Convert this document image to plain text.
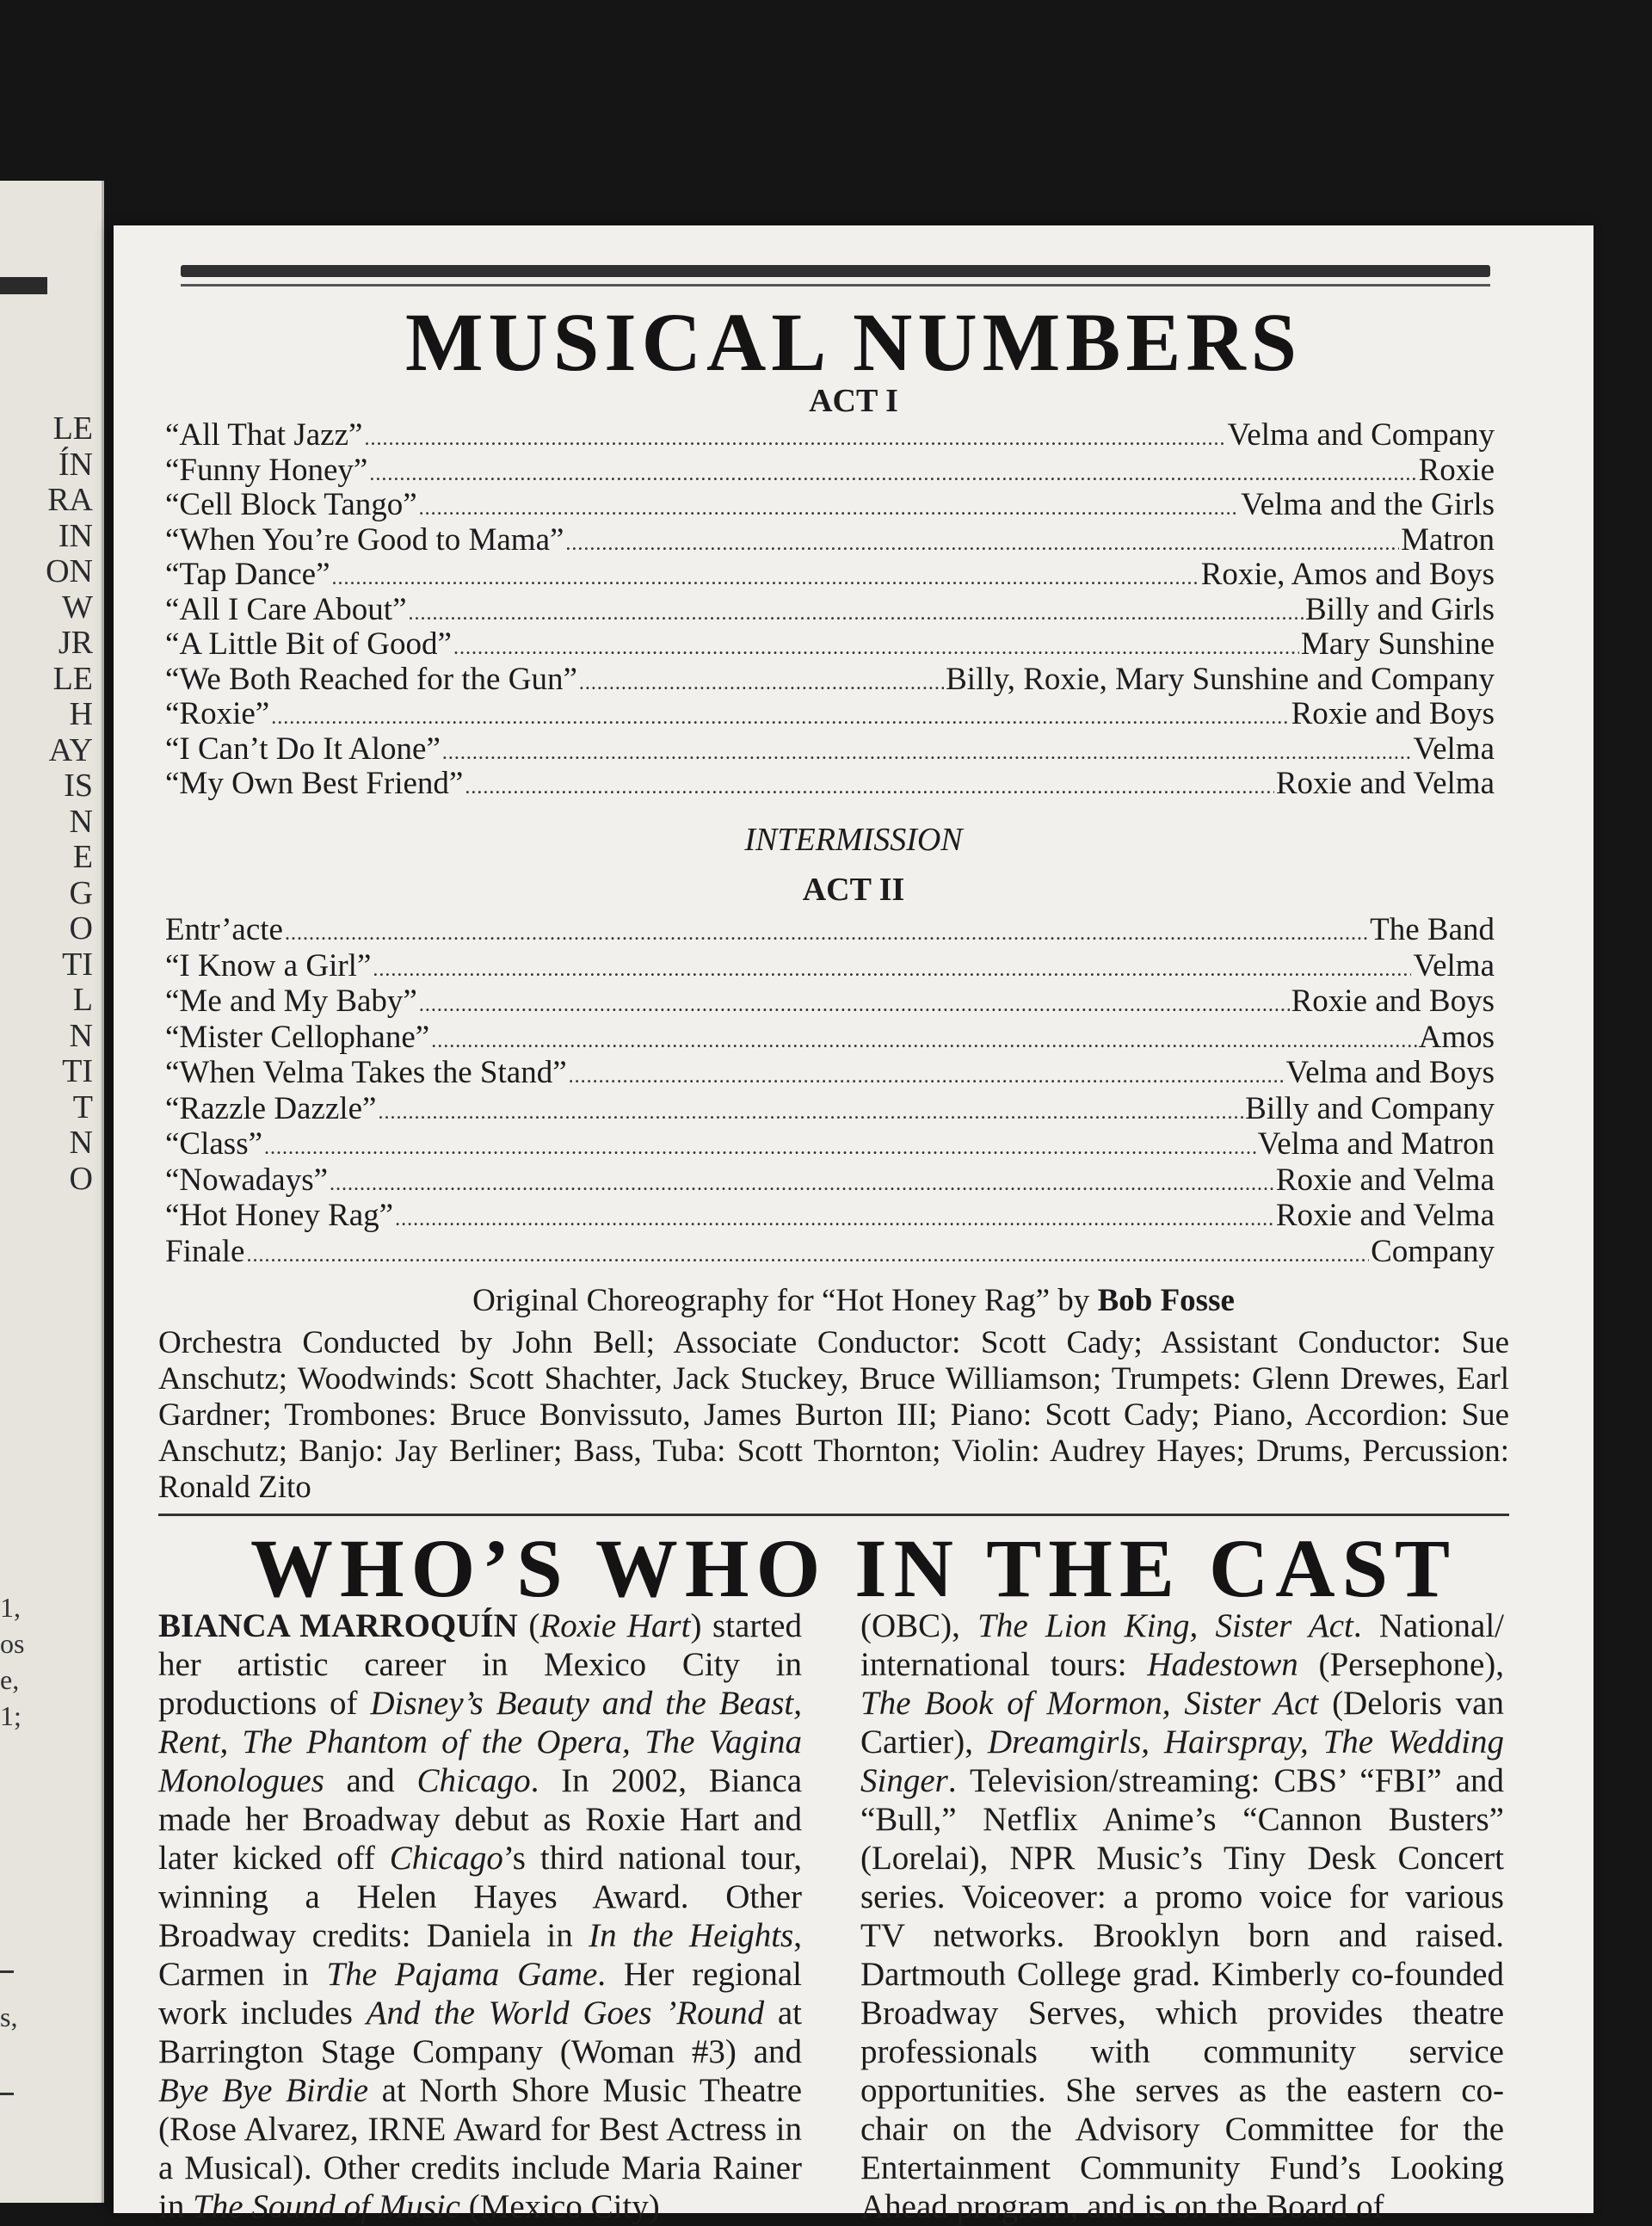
LE
ÍN
RA
IN
ON
W
JR
LE
H
AY
IS
N
E
G
O
TI
L
N
TI
T
N
O
1,
os
e,
1;
s,
MUSICAL NUMBERS
ACT I
“All That Jazz” .....	Velma and Company
“Funny Honey” .....	Roxie
“Cell Block Tango” .....	Velma and the Girls
“When You’re Good to Mama” .....	Matron
“Tap Dance” .....	Roxie, Amos and Boys
“All I Care About” .....	Billy and Girls
“A Little Bit of Good” .....	Mary Sunshine
“We Both Reached for the Gun” .....	Billy, Roxie, Mary Sunshine and Company
“Roxie” .....	Roxie and Boys
“I Can’t Do It Alone” .....	Velma
“My Own Best Friend” .....	Roxie and Velma
INTERMISSION
ACT II
Entr’acte .....	The Band
“I Know a Girl” .....	Velma
“Me and My Baby” .....	Roxie and Boys
“Mister Cellophane” .....	Amos
“When Velma Takes the Stand” .....	Velma and Boys
“Razzle Dazzle” .....	Billy and Company
“Class” .....	Velma and Matron
“Nowadays” .....	Roxie and Velma
“Hot Honey Rag” .....	Roxie and Velma
Finale .....	Company
Original Choreography for “Hot Honey Rag” by Bob Fosse

Orchestra Conducted by John Bell; Associate Conductor: Scott Cady; Assistant Conductor: Sue Anschutz; Woodwinds: Scott Shachter, Jack Stuckey, Bruce Williamson; Trumpets: Glenn Drewes, Earl Gardner; Trombones: Bruce Bonvissuto, James Burton III; Piano: Scott Cady; Piano, Accordion: Sue Anschutz; Banjo: Jay Berliner; Bass, Tuba: Scott Thornton; Violin: Audrey Hayes; Drums, Percussion: Ronald Zito

WHO’S WHO IN THE CAST

BIANCA MARROQUÍN (Roxie Hart) started her artistic career in Mexico City in productions of Disney’s Beauty and the Beast, Rent, The Phantom of the Opera, The Vagina Monologues and Chicago. In 2002, Bianca made her Broadway debut as Roxie Hart and later kicked off Chicago’s third national tour, winning a Helen Hayes Award. Other Broadway credits: Daniela in In the Heights, Carmen in The Pajama Game. Her regional work includes And the World Goes ’Round at Barrington Stage Company (Woman #3) and Bye Bye Birdie at North Shore Music Theatre (Rose Alvarez, IRNE Award for Best Actress in a Musical). Other credits include Maria Rainer in The Sound of Music (Mexico City)

(OBC), The Lion King, Sister Act. National/ international tours: Hadestown (Persephone), The Book of Mormon, Sister Act (Deloris van Cartier), Dreamgirls, Hairspray, The Wedding Singer. Television/streaming: CBS’ “FBI” and “Bull,” Netflix Anime’s “Cannon Busters” (Lorelai), NPR Music’s Tiny Desk Concert series. Voiceover: a promo voice for various TV networks. Brooklyn born and raised. Dartmouth College grad. Kimberly co-founded Broadway Serves, which provides theatre professionals with community service opportunities. She serves as the eastern co-chair on the Advisory Committee for the Entertainment Community Fund’s Looking Ahead program, and is on the Board of
